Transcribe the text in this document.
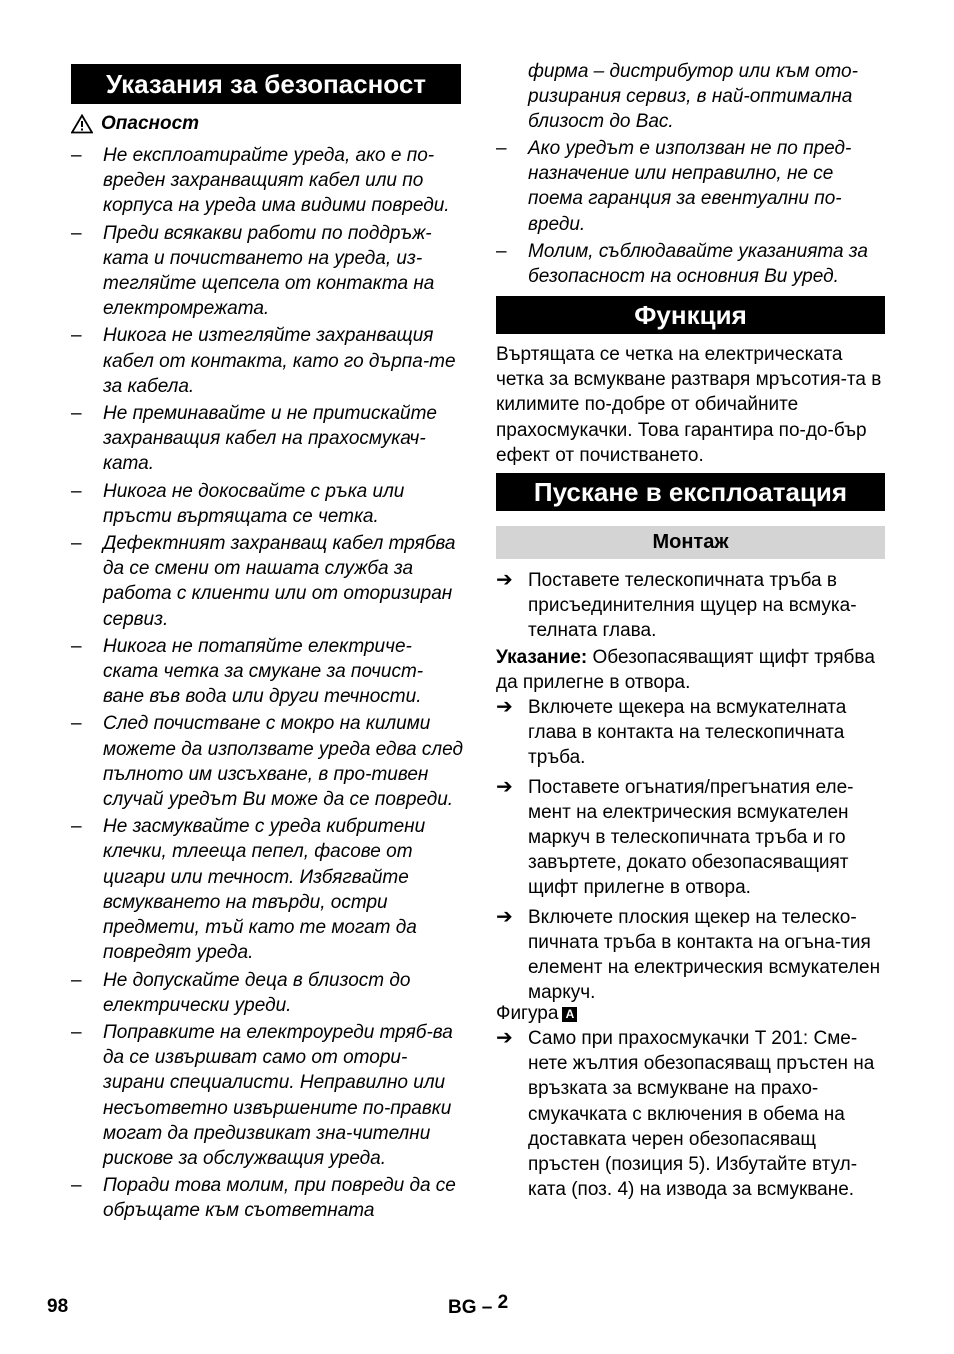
Указания за безопасност
Опасност
–	Не експлоатирайте уреда, ако е по-вреден захранващият кабел или по корпуса на уреда има видими повреди.
–	Преди всякакви работи по поддръж-ката и почистването на уреда, из-тегляйте щепсела от контакта на електромрежата.
–	Никога не изтегляйте захранващия кабел от контакта, като го дърпа-те за кабела.
–	Не преминавайте и не притискайте захранващия кабел на прахосмукач-ката.
–	Никога не докосвайте с ръка или пръсти въртящата се четка.
–	Дефектният захранващ кабел трябва да се смени от нашата служба за работа с клиенти или от оторизиран сервиз.
–	Никога не потапяйте електриче-ската четка за смукане за почист-ване във вода или други течности.
–	След почистване с мокро на килими можете да използвате уреда едва след пълното им изсъхване, в про-тивен случай уредът Ви може да се повреди.
–	Не засмуквайте с уреда кибритени клечки, тлееща пепел, фасове от цигари или течност. Избягвайте всмукването на твърди, остри предмети, тъй като те могат да повредят уреда.
–	Не допускайте деца в близост до електрически уреди.
–	Поправките на електроуреди тряб-ва да се извършват само от отори-зирани специалисти. Неправилно или несъответно извършените по-правки могат да предизвикат зна-чителни рискове за обслужващия уреда.
–	Поради това молим, при повреди да се обръщате към съответната
фирма – дистрибутор или към ото-ризирания сервиз, в най-оптимална близост до Вас.
–	Ако уредът е използван не по пред-назначение или неправилно, не се поема гаранция за евентуални по-вреди.
–	Молим, съблюдавайте указанията за безопасност на основния Ви уред.
Функция
Въртящата се четка на електрическата четка за всмукване разтваря мръсотия-та в килимите по-добре от обичайните прахосмукачки. Това гарантира по-до-бър ефект от почистването.
Пускане в експлоатация
Монтаж
➔ Поставете телескопичната тръба в присъединителния щуцер на всмука-телната глава.
Указание: Обезопасяващият щифт трябва да прилегне в отвора.
➔ Включете щекера на всмукателната глава в контакта на телескопичната тръба.
➔ Поставете огънатия/прегънатия еле-мент на електрическия всмукателен маркуч в телескопичната тръба и го завъртете, докато обезопасяващият щифт прилегне в отвора.
➔ Включете плоския щекер на телеско-пичната тръба в контакта на огъна-тия елемент на електрическия всмукателен маркуч.
Фигура A
➔ Само при прахосмукачки T 201: Сме-нете жълтия обезопасяващ пръстен на връзката за всмукване на прахо-смукачката с включения в обема на доставката черен обезопасяващ пръстен (позиция 5). Избутайте втул-ката (поз. 4) на извода за всмукване.
98	BG – 2
